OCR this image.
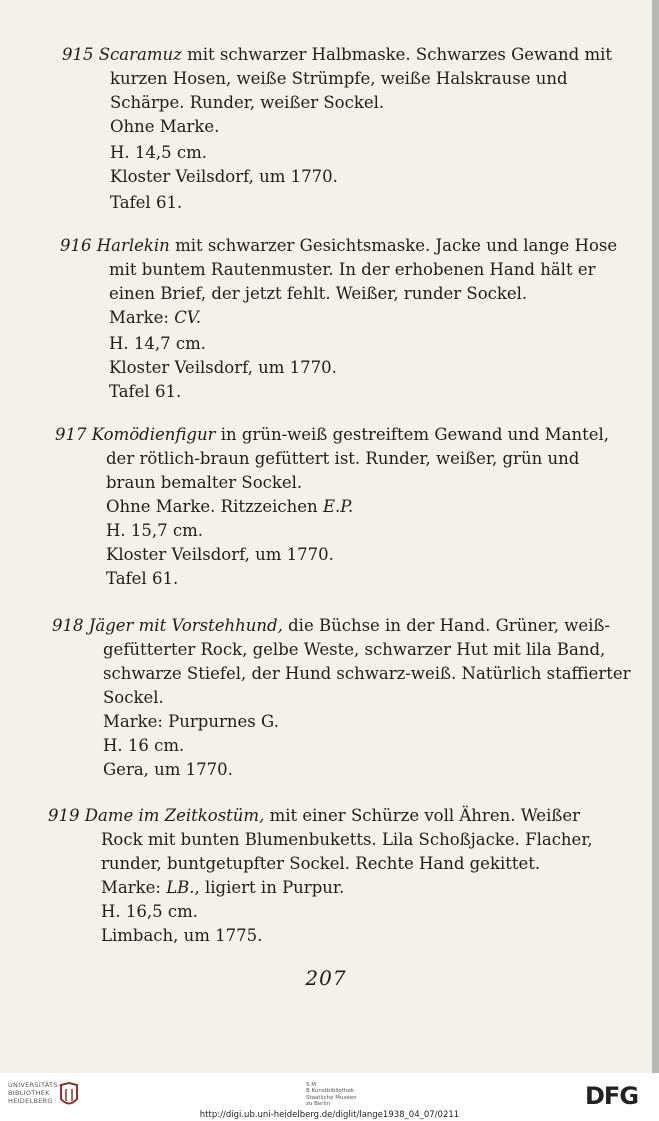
915 Scaramuz mit schwarzer Halbmaske. Schwarzes Gewand mit
kurzen Hosen, weiße Strümpfe, weiße Halskrause und
Schärpe. Runder, weißer Sockel.
Ohne Marke.
H. 14,5 cm.
Kloster Veilsdorf, um 1770.
Tafel 61.
916 Harlekin mit schwarzer Gesichtsmaske. Jacke und lange Hose
mit buntem Rautenmuster. In der erhobenen Hand hält er
einen Brief, der jetzt fehlt. Weißer, runder Sockel.
Marke: CV.
H. 14,7 cm.
Kloster Veilsdorf, um 1770.
Tafel 61.
917 Komödienfigur in grün-weiß gestreiftem Gewand und Mantel,
der rötlich-braun gefüttert ist. Runder, weißer, grün und
braun bemalter Sockel.
Ohne Marke. Ritzzeichen E.P.
H. 15,7 cm.
Kloster Veilsdorf, um 1770.
Tafel 61.
918 Jäger mit Vorstehhund, die Büchse in der Hand. Grüner, weiß-
gefütterter Rock, gelbe Weste, schwarzer Hut mit lila Band,
schwarze Stiefel, der Hund schwarz-weiß. Natürlich staffierter
Sockel.
Marke: Purpurnes G.
H. 16 cm.
Gera, um 1770.
919 Dame im Zeitkostüm, mit einer Schürze voll Ähren. Weißer
Rock mit bunten Blumenbuketts. Lila Schoßjacke. Flacher,
runder, buntgetupfter Sockel. Rechte Hand gekittet.
Marke: LB., ligiert in Purpur.
H. 16,5 cm.
Limbach, um 1775.
207
UNIVERSITÄTS-
BIBLIOTHEK
HEIDELBERG
S M
B Kunstbibliothek
Staatliche Museen
zu Berlin	DFG
http://digi.ub.uni-heidelberg.de/diglit/lange1938_04_07/0211
